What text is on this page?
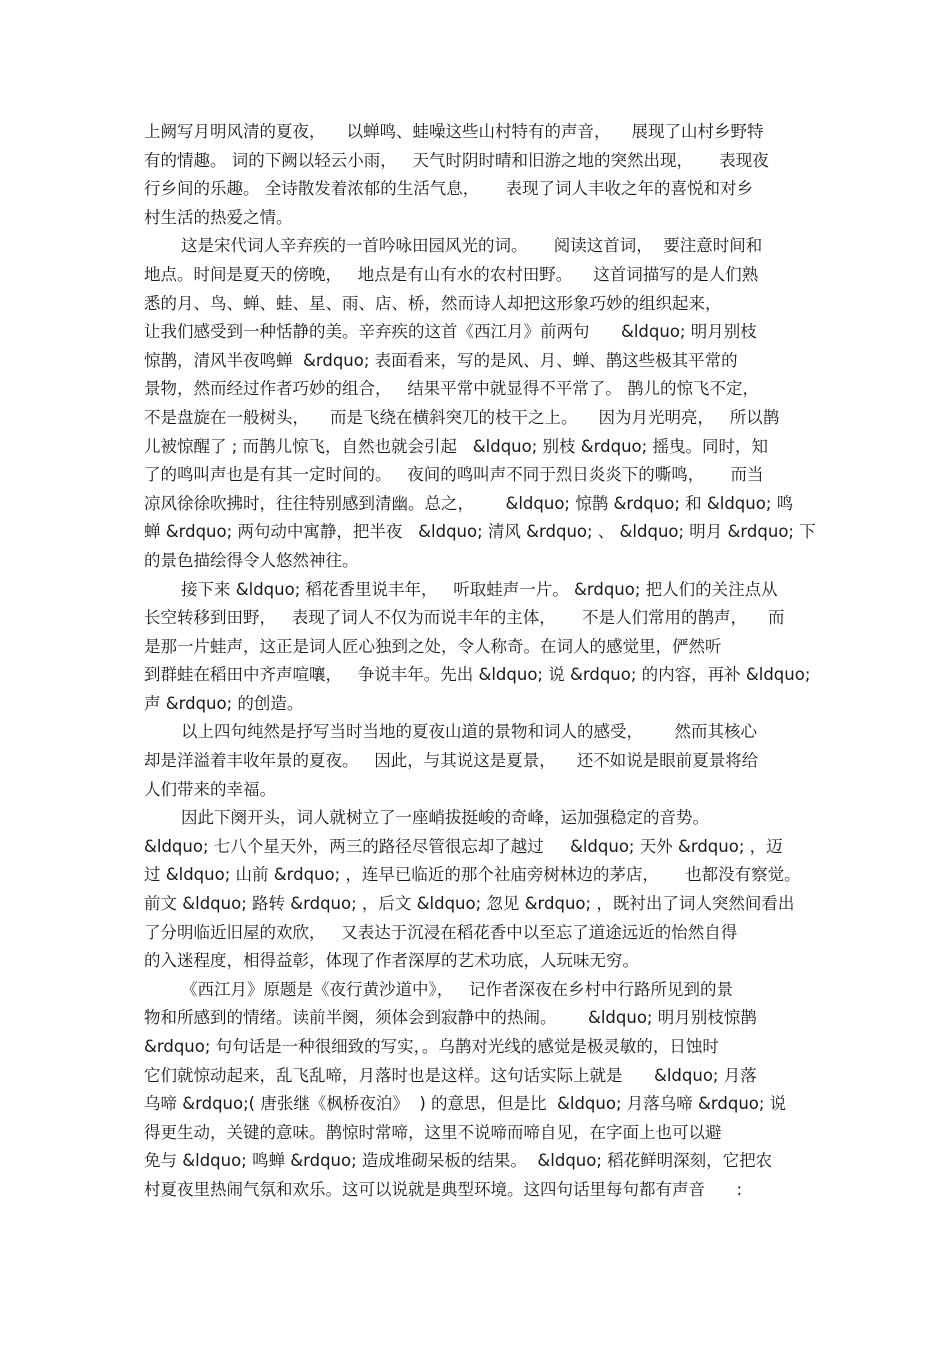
上阙写月明风清的夏夜，    以蝉鸣、蛙噪这些山村特有的声音，    展现了山村乡野特
有的情趣。 词的下阙以轻云小雨，   天气时阴时晴和旧游之地的突然出现，     表现夜
行乡间的乐趣。 全诗散发着浓郁的生活气息，     表现了词人丰收之年的喜悦和对乡
村生活的热爱之情。
这是宋代词人辛弃疾的一首吟咏田园风光的词。     阅读这首词，  要注意时间和
地点。时间是夏天的傍晚，   地点是有山有水的农村田野。    这首词描写的是人们熟
悉的月、鸟、蝉、蛙、星、雨、店、桥，然而诗人却把这形象巧妙的组织起来，
让我们感受到一种恬静的美。辛弃疾的这首《西江月》前两句      &ldquo; 明月别枝
惊鹊，清风半夜鸣蝉  &rdquo; 表面看来，写的是风、月、蝉、鹊这些极其平常的
景物，然而经过作者巧妙的组合，   结果平常中就显得不平常了。 鹊儿的惊飞不定，
不是盘旋在一般树头，    而是飞绕在横斜突兀的枝干之上。    因为月光明亮，   所以鹊
儿被惊醒了 ; 而鹊儿惊飞，自然也就会引起   &ldquo; 别枝 &rdquo; 摇曳。同时，知
了的鸣叫声也是有其一定时间的。   夜间的鸣叫声不同于烈日炎炎下的嘶鸣，     而当
凉风徐徐吹拂时，往往特别感到清幽。总之，      &ldquo; 惊鹊 &rdquo; 和 &ldquo; 鸣
蝉 &rdquo; 两句动中寓静，把半夜   &ldquo; 清风 &rdquo; 、 &ldquo; 明月 &rdquo; 下
的景色描绘得令人悠然神往。
接下来 &ldquo; 稻花香里说丰年，   听取蛙声一片。 &rdquo; 把人们的关注点从
长空转移到田野，   表现了词人不仅为而说丰年的主体，     不是人们常用的鹊声，    而
是那一片蛙声，这正是词人匠心独到之处，令人称奇。在词人的感觉里，俨然听
到群蛙在稻田中齐声喧嚷，   争说丰年。先出 &ldquo; 说 &rdquo; 的内容，再补 &ldquo;
声 &rdquo; 的创造。
以上四句纯然是抒写当时当地的夏夜山道的景物和词人的感受，      然而其核心
却是洋溢着丰收年景的夏夜。   因此，与其说这是夏景，    还不如说是眼前夏景将给
人们带来的幸福。
因此下阕开头，词人就树立了一座峭拔挺峻的奇峰，运加强稳定的音势。
&ldquo; 七八个星天外，两三的路径尽管很忘却了越过     &ldquo; 天外 &rdquo; ，迈
过 &ldquo; 山前 &rdquo; ，连早已临近的那个社庙旁树林边的茅店，     也都没有察觉。
前文 &ldquo; 路转 &rdquo; ，后文 &ldquo; 忽见 &rdquo; ，既衬出了词人突然间看出
了分明临近旧屋的欢欣，   又表达于沉浸在稻花香中以至忘了道途远近的怡然自得
的入迷程度，相得益彰，体现了作者深厚的艺术功底，人玩味无穷。
《西江月》原题是《夜行黄沙道中》，   记作者深夜在乡村中行路所见到的景
物和所感到的情绪。读前半阕，须体会到寂静中的热闹。      &ldquo; 明月别枝惊鹊
&rdquo; 句句话是一种很细致的写实，。乌鹊对光线的感觉是极灵敏的，日蚀时
它们就惊动起来，乱飞乱啼，月落时也是这样。这句话实际上就是      &ldquo; 月落
乌啼 &rdquo;( 唐张继《枫桥夜泊》  ) 的意思，但是比  &ldquo; 月落乌啼 &rdquo; 说
得更生动，关键的意味。鹊惊时常啼，这里不说啼而啼自见，在字面上也可以避
免与 &ldquo; 鸣蝉 &rdquo; 造成堆砌呆板的结果。  &ldquo; 稻花鲜明深刻，它把农
村夏夜里热闹气氛和欢乐。这可以说就是典型环境。这四句话里每句都有声音      :
